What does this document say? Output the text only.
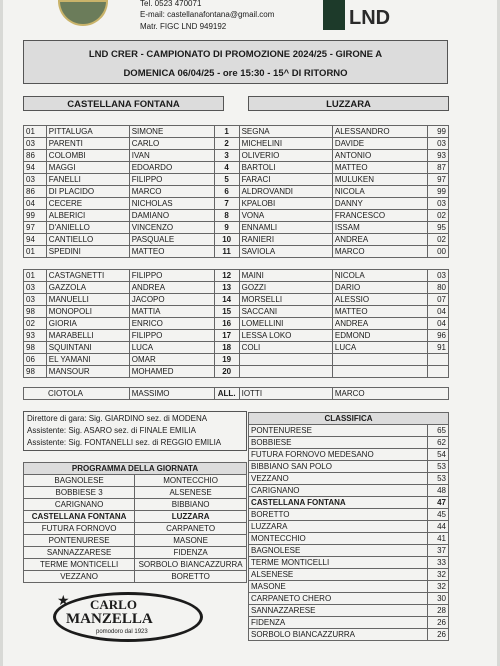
Tel. 0523 470071
E-mail: castellanafontana@gmail.com
Matr. FIGC LND 949192	LND
LND CRER - CAMPIONATO DI PROMOZIONE 2024/25 - GIRONE A
DOMENICA 06/04/25 - ore 15:30 - 15^ DI RITORNO
CASTELLANA FONTANA	LUZZARA
01	PITTALUGA	SIMONE	1	SEGNA	ALESSANDRO	99
03	PARENTI	CARLO	2	MICHELINI	DAVIDE	03
86	COLOMBI	IVAN	3	OLIVERIO	ANTONIO	93
94	MAGGI	EDOARDO	4	BARTOLI	MATTEO	87
03	FANELLI	FILIPPO	5	FARACI	MULUKEN	97
86	DI PLACIDO	MARCO	6	ALDROVANDI	NICOLA	99
04	CECERE	NICHOLAS	7	KPALOBI	DANNY	03
99	ALBERICI	DAMIANO	8	VONA	FRANCESCO	02
97	D'ANIELLO	VINCENZO	9	ENNAMLI	ISSAM	95
94	CANTIELLO	PASQUALE	10	RANIERI	ANDREA	02
01	SPEDINI	MATTEO	11	SAVIOLA	MARCO	00
01	CASTAGNETTI	FILIPPO	12	MAINI	NICOLA	03
03	GAZZOLA	ANDREA	13	GOZZI	DARIO	80
03	MANUELLI	JACOPO	14	MORSELLI	ALESSIO	07
98	MONOPOLI	MATTIA	15	SACCANI	MATTEO	04
02	GIORIA	ENRICO	16	LOMELLINI	ANDREA	04
93	MARABELLI	FILIPPO	17	LESSA LOKO	EDMOND	96
98	SQUINTANI	LUCA	18	COLI	LUCA	91
06	EL YAMANI	OMAR	19			
98	MANSOUR	MOHAMED	20			
CIOTOLA	MASSIMO	ALL.	IOTTI	MARCO
Direttore di gara: Sig. GIARDINO sez. di MODENA
Assistente: Sig. ASARO sez. di FINALE EMILIA
Assistente: Sig. FONTANELLI sez. di REGGIO EMILIA
PROGRAMMA DELLA GIORNATA	
BAGNOLESE	MONTECCHIO
BOBBIESE 3	ALSENESE
CARIGNANO	BIBBIANO
CASTELLANA FONTANA	LUZZARA
FUTURA FORNOVO	CARPANETO
PONTENURESE	MASONE
SANNAZZARESE	FIDENZA
TERME MONTICELLI	SORBOLO BIANCAZZURRA
VEZZANO	BORETTO
CARLO
MANZELLA
pomodoro dal 1923
★
CLASSIFICA	
PONTENURESE	65
BOBBIESE	62
FUTURA FORNOVO MEDESANO	54
BIBBIANO SAN POLO	53
VEZZANO	53
CARIGNANO	48
CASTELLANA FONTANA	47
BORETTO	45
LUZZARA	44
MONTECCHIO	41
BAGNOLESE	37
TERME MONTICELLI	33
ALSENESE	32
MASONE	32
CARPANETO CHERO	30
SANNAZZARESE	28
FIDENZA	26
SORBOLO BIANCAZZURRA	26
